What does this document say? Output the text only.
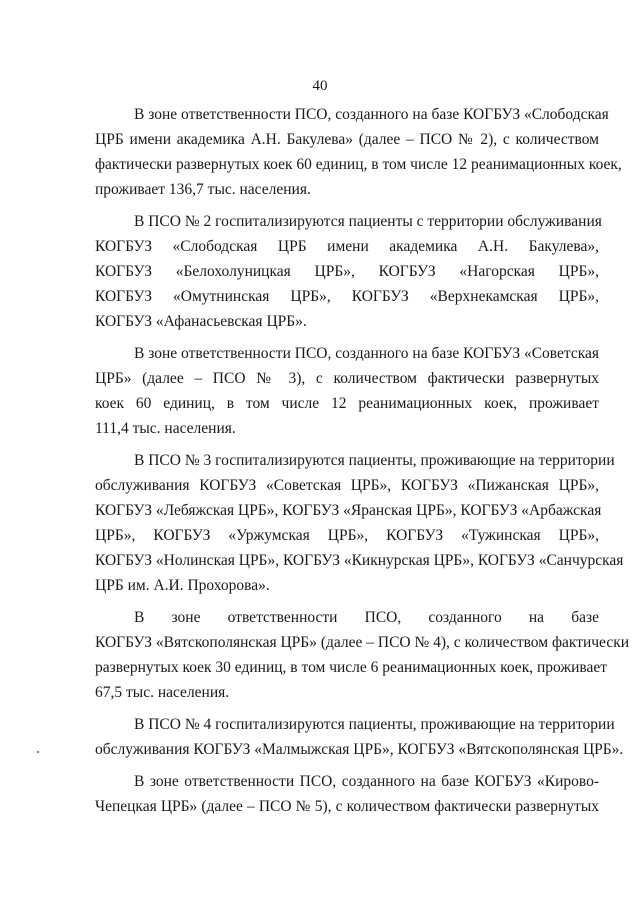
40
В зоне ответственности ПСО, созданного на базе КОГБУЗ «Слободская
ЦРБ имени академика А.Н. Бакулева» (далее – ПСО № 2), с количеством
фактически развернутых коек 60 единиц, в том числе 12 реанимационных коек,
проживает 136,7 тыс. населения.
В ПСО № 2 госпитализируются пациенты с территории обслуживания
КОГБУЗ «Слободская ЦРБ имени академика А.Н. Бакулева»,
КОГБУЗ «Белохолуницкая ЦРБ», КОГБУЗ «Нагорская ЦРБ»,
КОГБУЗ «Омутнинская ЦРБ», КОГБУЗ «Верхнекамская ЦРБ»,
КОГБУЗ «Афанасьевская ЦРБ».
В зоне ответственности ПСО, созданного на базе КОГБУЗ «Советская
ЦРБ» (далее – ПСО № 3), с количеством фактически развернутых
коек 60 единиц, в том числе 12 реанимационных коек, проживает
111,4 тыс. населения.
В ПСО № 3 госпитализируются пациенты, проживающие на территории
обслуживания КОГБУЗ «Советская ЦРБ», КОГБУЗ «Пижанская ЦРБ»,
КОГБУЗ «Лебяжская ЦРБ», КОГБУЗ «Яранская ЦРБ», КОГБУЗ «Арбажская
ЦРБ», КОГБУЗ «Уржумская ЦРБ», КОГБУЗ «Тужинская ЦРБ»,
КОГБУЗ «Нолинская ЦРБ», КОГБУЗ «Кикнурская ЦРБ», КОГБУЗ «Санчурская
ЦРБ им. А.И. Прохорова».
В зоне ответственности ПСО, созданного на базе
КОГБУЗ «Вятскополянская ЦРБ» (далее – ПСО № 4), с количеством фактически
развернутых коек 30 единиц, в том числе 6 реанимационных коек, проживает
67,5 тыс. населения.
В ПСО № 4 госпитализируются пациенты, проживающие на территории
обслуживания КОГБУЗ «Малмыжская ЦРБ», КОГБУЗ «Вятскополянская ЦРБ».
В зоне ответственности ПСО, созданного на базе КОГБУЗ «Кирово-
Чепецкая ЦРБ» (далее – ПСО № 5), с количеством фактически развернутых
